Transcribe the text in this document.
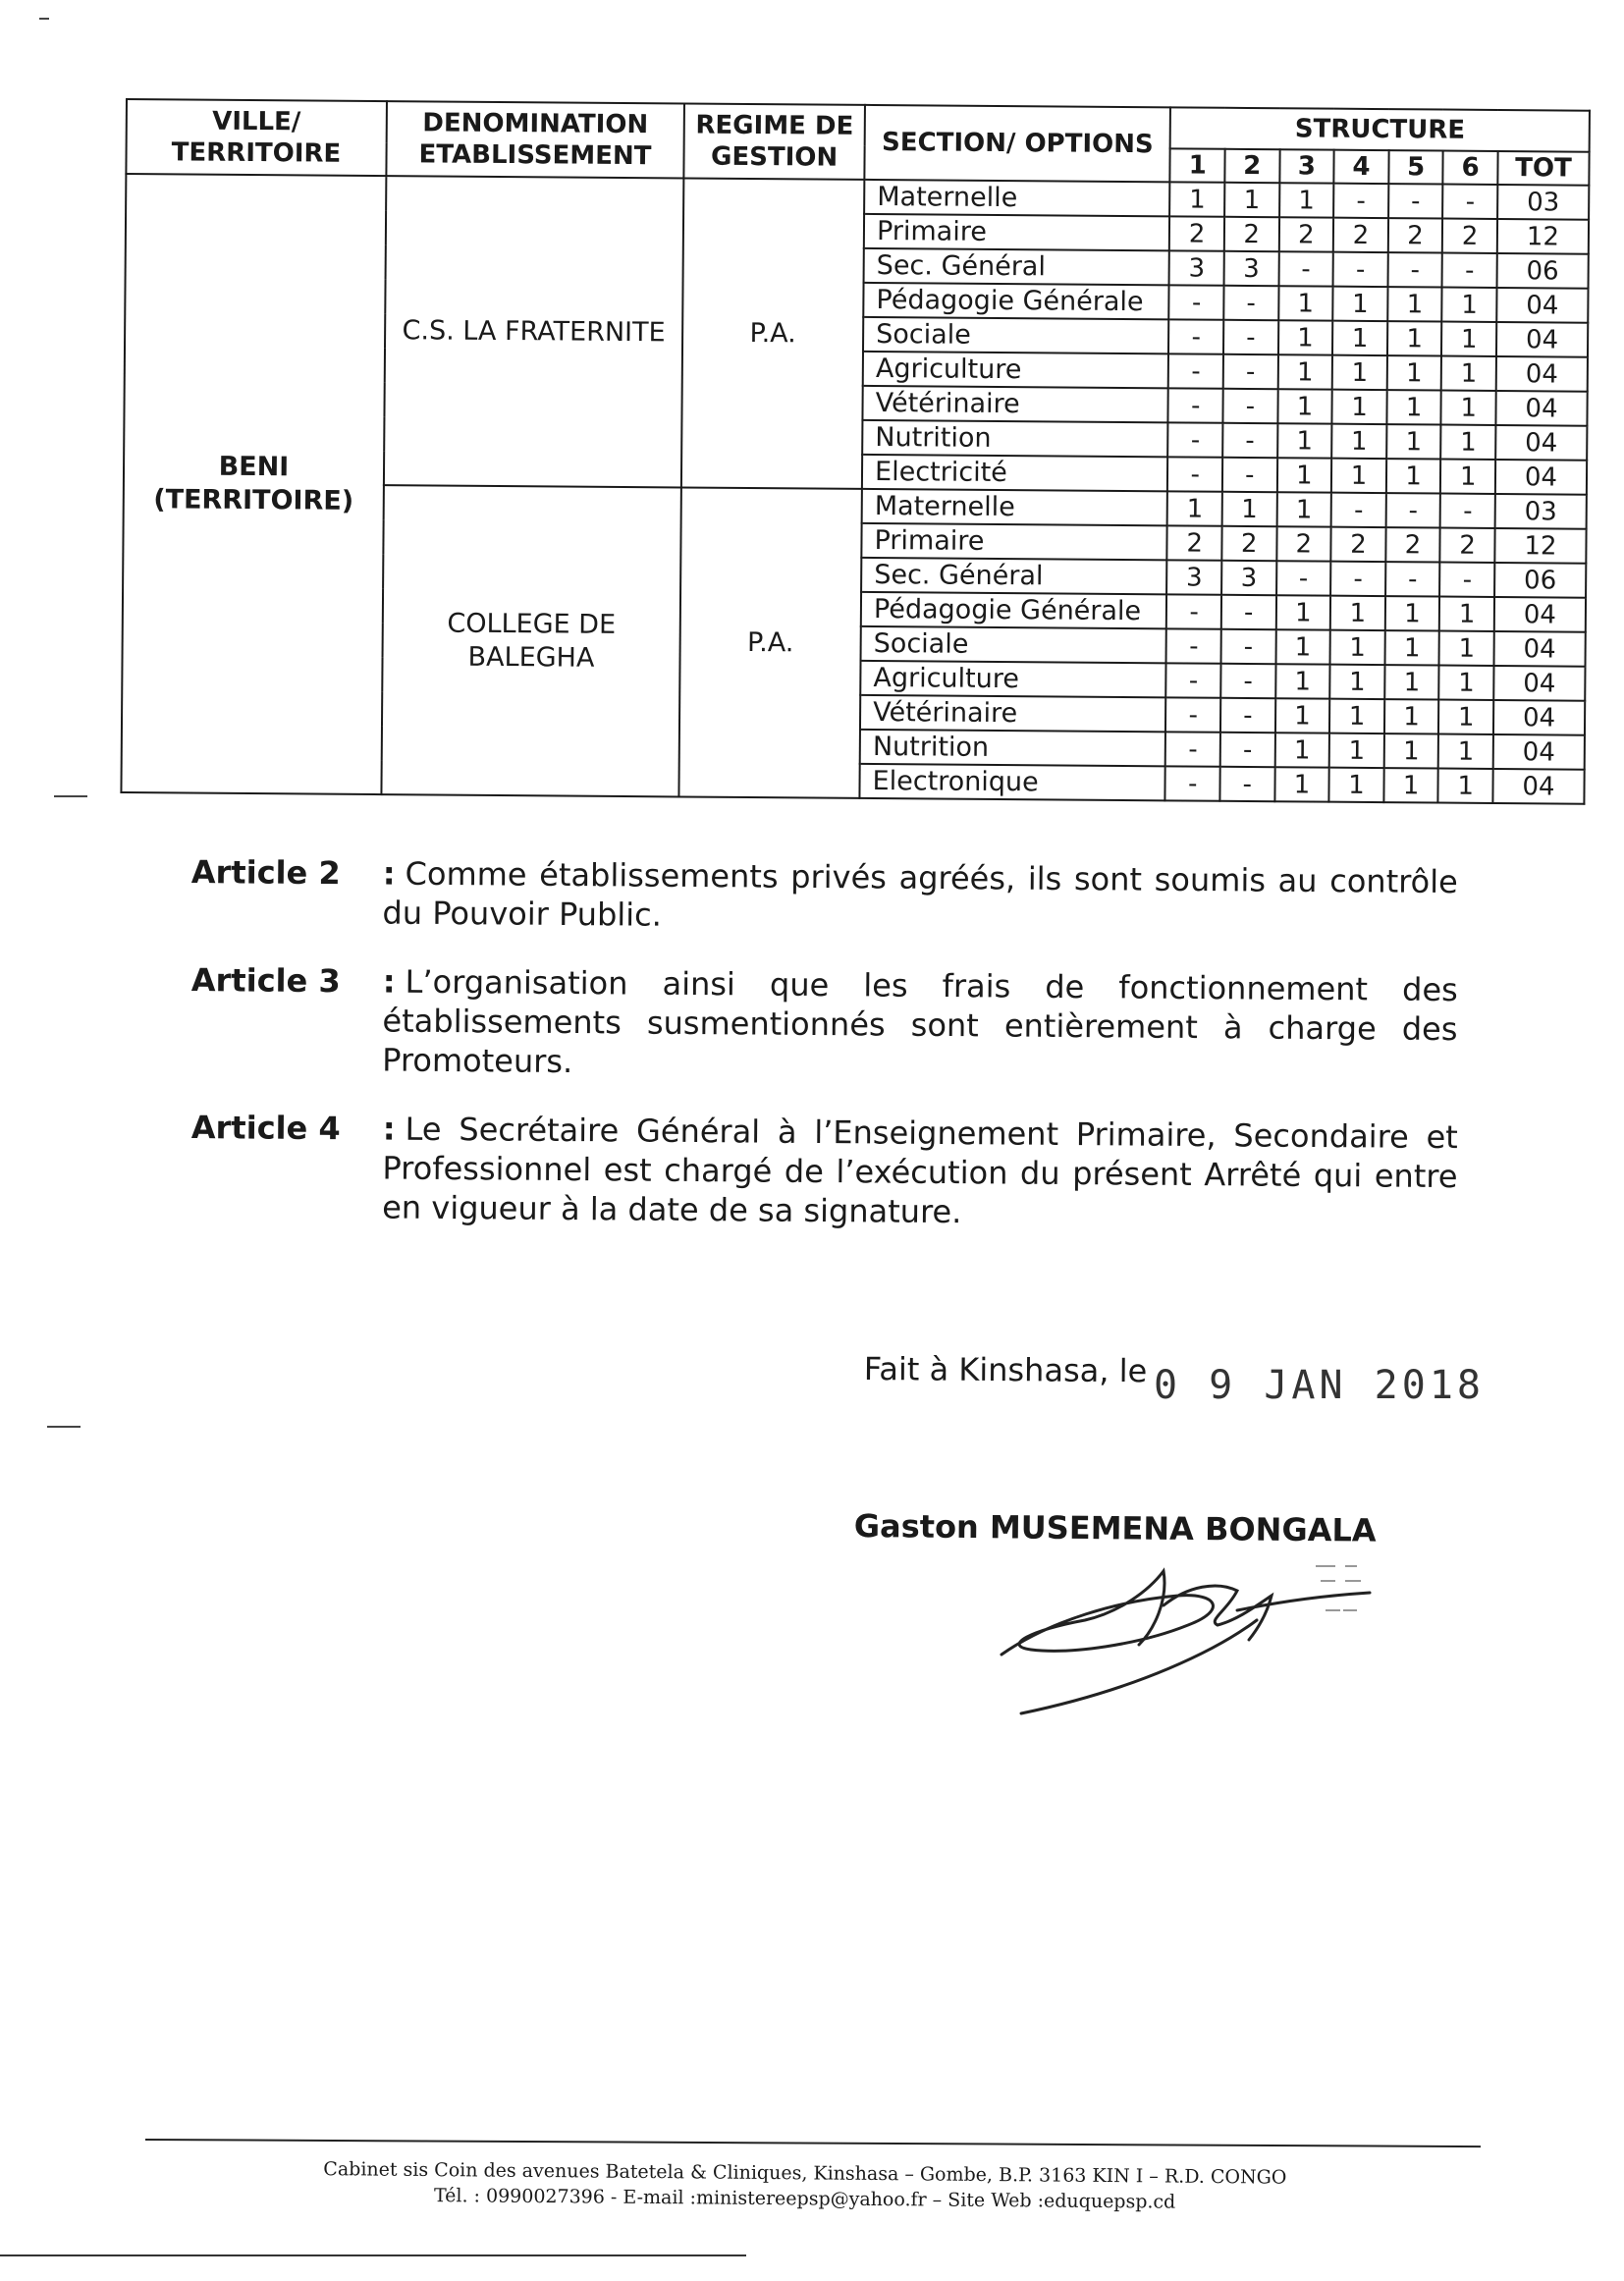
VILLE/ TERRITOIRE	DENOMINATION ETABLISSEMENT	REGIME DE GESTION	SECTION/ OPTIONS	STRUCTURE						
				1	2	3	4	5	6	TOT
BENI (TERRITOIRE)	C.S. LA FRATERNITE	P.A.	Maternelle	1	1	1	-	-	-	03
			Primaire	2	2	2	2	2	2	12
			Sec. Général	3	3	-	-	-	-	06
			Pédagogie Générale	-	-	1	1	1	1	04
			Sociale	-	-	1	1	1	1	04
			Agriculture	-	-	1	1	1	1	04
			Vétérinaire	-	-	1	1	1	1	04
			Nutrition	-	-	1	1	1	1	04
			Electricité	-	-	1	1	1	1	04
	COLLEGE DE BALEGHA	P.A.	Maternelle	1	1	1	-	-	-	03
			Primaire	2	2	2	2	2	2	12
			Sec. Général	3	3	-	-	-	-	06
			Pédagogie Générale	-	-	1	1	1	1	04
			Sociale	-	-	1	1	1	1	04
			Agriculture	-	-	1	1	1	1	04
			Vétérinaire	-	-	1	1	1	1	04
			Nutrition	-	-	1	1	1	1	04
			Electronique	-	-	1	1	1	1	04
Article 2 : Comme établissements privés agréés, ils sont soumis au contrôle du Pouvoir Public.
Article 3 : L’organisation ainsi que les frais de fonctionnement des établissements susmentionnés sont entièrement à charge des Promoteurs.
Article 4 : Le Secrétaire Général à l’Enseignement Primaire, Secondaire et Professionnel est chargé de l’exécution du présent Arrêté qui entre en vigueur à la date de sa signature.
Fait à Kinshasa, le 0 9 JAN 2018
Gaston MUSEMENA BONGALA
Cabinet sis Coin des avenues Batetela & Cliniques, Kinshasa – Gombe, B.P. 3163 KIN I – R.D. CONGO
Tél. : 0990027396 - E-mail :ministereepsp@yahoo.fr – Site Web :eduquepsp.cd
